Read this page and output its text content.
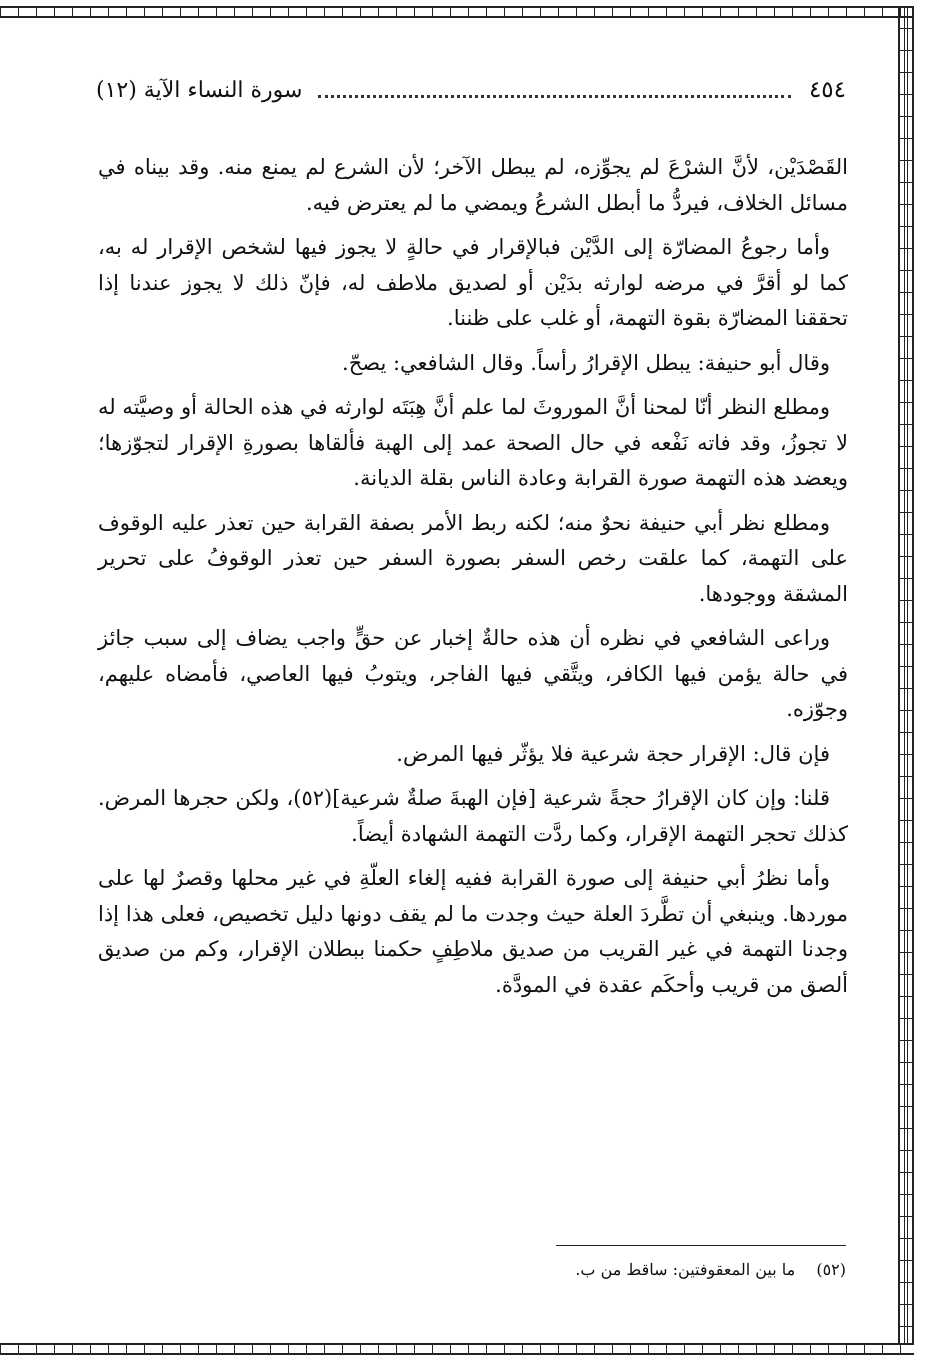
٤٥٤
سورة النساء الآية (١٢)

القَصْدَيْن، لأنَّ الشرْعَ لم يجوِّزه، لم يبطل الآخر؛ لأن الشرع لم يمنع منه. وقد بيناه في مسائل الخلاف، فيردُّ ما أبطل الشرعُ ويمضي ما لم يعترض فيه.

وأما رجوعُ المضارّة إلى الدَّيْن فبالإقرار في حالةٍ لا يجوز فيها لشخص الإقرار له به، كما لو أقرَّ في مرضه لوارثه بدَيْن أو لصديق ملاطف له، فإنّ ذلك لا يجوز عندنا إذا تحققنا المضارّة بقوة التهمة، أو غلب على ظننا.

وقال أبو حنيفة: يبطل الإقرارُ رأساً. وقال الشافعي: يصحّ.

ومطلع النظر أنّا لمحنا أنَّ الموروثَ لما علم أنَّ هِبَتَه لوارثه في هذه الحالة أو وصيَّته له لا تجوزُ، وقد فاته نَفْعه في حال الصحة عمد إلى الهبة فألقاها بصورةِ الإقرار لتجوّزها؛ ويعضد هذه التهمة صورة القرابة وعادة الناس بقلة الديانة.

ومطلع نظر أبي حنيفة نحوٌ منه؛ لكنه ربط الأمر بصفة القرابة حين تعذر عليه الوقوف على التهمة، كما علقت رخص السفر بصورة السفر حين تعذر الوقوفُ على تحرير المشقة ووجودها.

وراعى الشافعي في نظره أن هذه حالةٌ إخبار عن حقٍّ واجب يضاف إلى سبب جائز في حالة يؤمن فيها الكافر، ويتَّقي فيها الفاجر، ويتوبُ فيها العاصي، فأمضاه عليهم، وجوّزه.

فإن قال: الإقرار حجة شرعية فلا يؤثّر فيها المرض.

قلنا: وإن كان الإقرارُ حجةً شرعية [فإن الهبةَ صلةٌ شرعية](٥٢)، ولكن حجرها المرض. كذلك تحجر التهمة الإقرار، وكما ردَّت التهمة الشهادة أيضاً.

وأما نظرُ أبي حنيفة إلى صورة القرابة ففيه إلغاء العلّةِ في غير محلها وقصرٌ لها على موردها. وينبغي أن تطَّردَ العلة حيث وجدت ما لم يقف دونها دليل تخصيص، فعلى هذا إذا وجدنا التهمة في غير القريب من صديق ملاطِفٍ حكمنا ببطلان الإقرار، وكم من صديق ألصق من قريب وأحكَم عقدة في المودَّة.

(٥٢) ما بين المعقوفتين: ساقط من ب.
